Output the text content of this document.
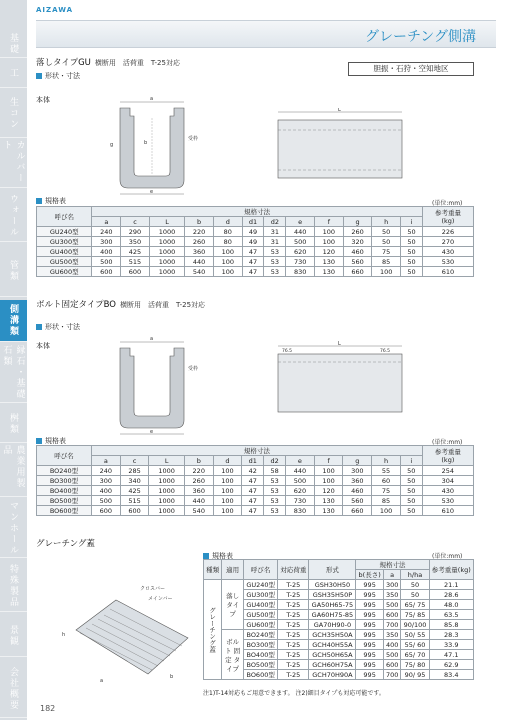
基礎
工
生コン
カルバート
ウォール
管類
側溝類
縁石・基礎石類
桝類
農業用製品
マンホール
特殊製品
景観
会社概要
AIZAWA
グレーチング側溝
落しタイプGU 横断用　活荷重　T-25対応
胆振・石狩・空知地区
形状・寸法
本体	a
e
b
g
受枠
L
規格表	(単位:mm)
呼び名	規格寸法												参考重量
(kg)
	a	c	L	b	d	d1	d2	e	f	g	h	i	
GU240型	240	290	1000	220	80	49	31	440	100	260	50	50	226
GU300型	300	350	1000	260	80	49	31	500	100	320	50	50	270
GU400型	400	425	1000	360	100	47	53	620	120	460	75	50	430
GU500型	500	515	1000	440	100	47	53	730	130	560	85	50	530
GU600型	600	600	1000	540	100	47	53	830	130	660	100	50	610
ボルト固定タイプBO 横断用　活荷重　T-25対応
形状・寸法
本体
a
e
受枠
L
76.5	76.5
規格表	(単位:mm)
呼び名	規格寸法												参考重量
(kg)
	a	c	L	b	d	d1	d2	e	f	g	h	i	
BO240型	240	285	1000	220	100	42	58	440	100	300	55	50	254
BO300型	300	340	1000	260	100	47	53	500	100	360	60	50	304
BO400型	400	425	1000	360	100	47	53	620	120	460	75	50	430
BO500型	500	515	1000	440	100	47	53	730	130	560	85	50	530
BO600型	600	600	1000	540	100	47	53	830	130	660	100	50	610
グレーチング蓋
規格表	(単位:mm)
クロスバー
メインバー
h
a
b
種類	適用	呼び名	対応荷重	形式	規格寸法			参考重量(kg)
					b(長さ)	a	h/ha	
グレーチング蓋	落し タイプ	GU240型	T-25	GSH30H50	995	300	50	21.1
		GU300型	T-25	GSH35H50P	995	350	50	28.6
		GU400型	T-25	GA50H65-75	995	500	65/ 75	48.0
		GU500型	T-25	GA60H75-85	995	600	75/ 85	63.5
		GU600型	T-25	GA70H90-0	995	700	90/100	85.8
	ボルト 固定 タイプ	BO240型	T-25	GCH35H50A	995	350	50/ 55	28.3
		BO300型	T-25	GCH40H55A	995	400	55/ 60	33.9
		BO400型	T-25	GCH50H65A	995	500	65/ 70	47.1
		BO500型	T-25	GCH60H75A	995	600	75/ 80	62.9
		BO600型	T-25	GCH70H90A	995	700	90/ 95	83.4
注1)T-14対応もご用意できます。 注2)細目タイプも対応可能です。
182
